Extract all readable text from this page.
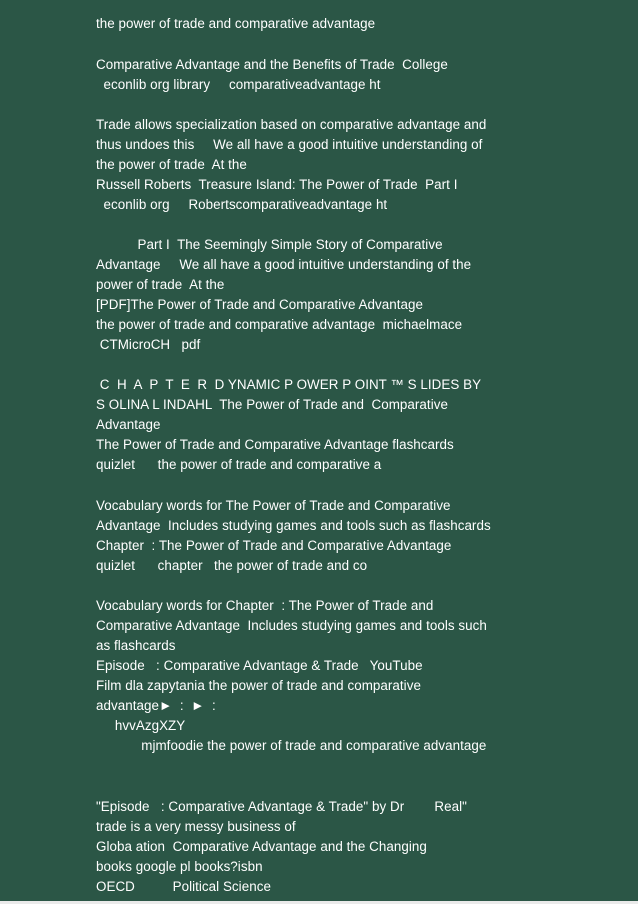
the power of trade and comparative advantage
Comparative Advantage and the Benefits of Trade  College
econlib org library     comparativeadvantage ht
Trade allows specialization based on comparative advantage and
thus undoes this     We all have a good intuitive understanding of
the power of trade  At the
Russell Roberts  Treasure Island: The Power of Trade  Part I
econlib org     Robertscomparativeadvantage ht
Part I  The Seemingly Simple Story of Comparative
Advantage     We all have a good intuitive understanding of the
power of trade  At the
[PDF]The Power of Trade and Comparative Advantage
the power of trade and comparative advantage  michaelmace
CTMicroCH   pdf
C  H  A  P  T  E  R  D YNAMIC P OWER P OINT ™ S LIDES BY
S OLINA L INDAHL  The Power of Trade and  Comparative
Advantage
The Power of Trade and Comparative Advantage flashcards
quizlet      the power of trade and comparative a
Vocabulary words for The Power of Trade and Comparative
Advantage  Includes studying games and tools such as flashcards
Chapter  : The Power of Trade and Comparative Advantage
quizlet      chapter   the power of trade and co
Vocabulary words for Chapter  : The Power of Trade and
Comparative Advantage  Includes studying games and tools such
as flashcards
Episode   : Comparative Advantage & Trade   YouTube
Film dla zapytania the power of trade and comparative
advantage►  :  ►  :
hvvAzgXZY
mjmfoodie the power of trade and comparative advantage
"Episode   : Comparative Advantage & Trade" by Dr        Real"
trade is a very messy business of
Globa ation  Comparative Advantage and the Changing
books google pl books?isbn
OECD          Political Science
